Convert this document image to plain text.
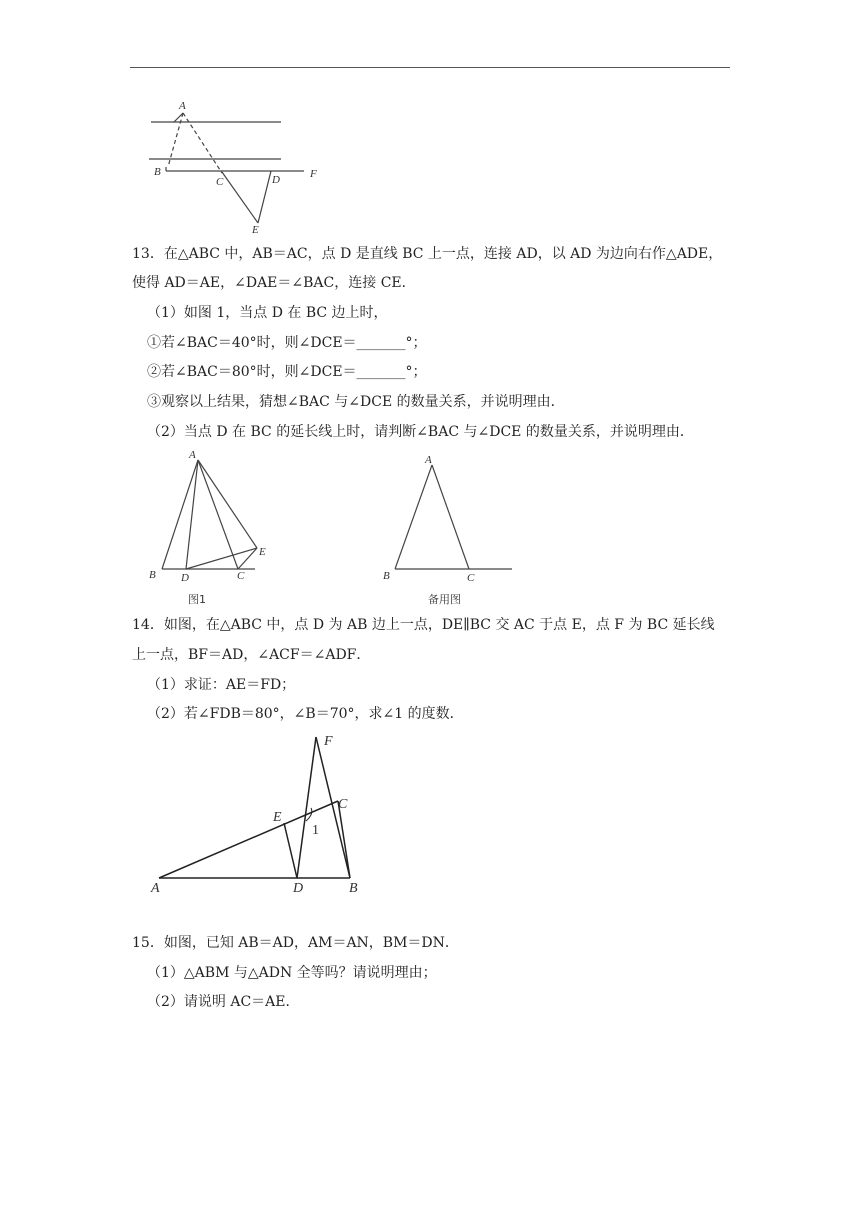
A
B
C	D
E
F
13．在△ABC 中，AB＝AC，点 D 是直线 BC 上一点，连接 AD，以 AD 为边向右作△ADE，
使得 AD＝AE，∠DAE＝∠BAC，连接 CE．
（1）如图 1，当点 D 在 BC 边上时，
①若∠BAC＝40°时，则∠DCE＝_______°；
②若∠BAC＝80°时，则∠DCE＝_______°；
③观察以上结果，猜想∠BAC 与∠DCE 的数量关系，并说明理由．
（2）当点 D 在 BC 的延长线上时，请判断∠BAC 与∠DCE 的数量关系，并说明理由．
A
B D	C
E
图1
A
B	C
备用图
14．如图，在△ABC 中，点 D 为 AB 边上一点，DE∥BC 交 AC 于点 E，点 F 为 BC 延长线
上一点，BF＝AD，∠ACF＝∠ADF．
（1）求证：AE＝FD；
（2）若∠FDB＝80°，∠B＝70°，求∠1 的度数．
F
E
C
1
A	D	B
15．如图，已知 AB＝AD，AM＝AN，BM＝DN．
（1）△ABM 与△ADN 全等吗？请说明理由；
（2）请说明 AC＝AE．
